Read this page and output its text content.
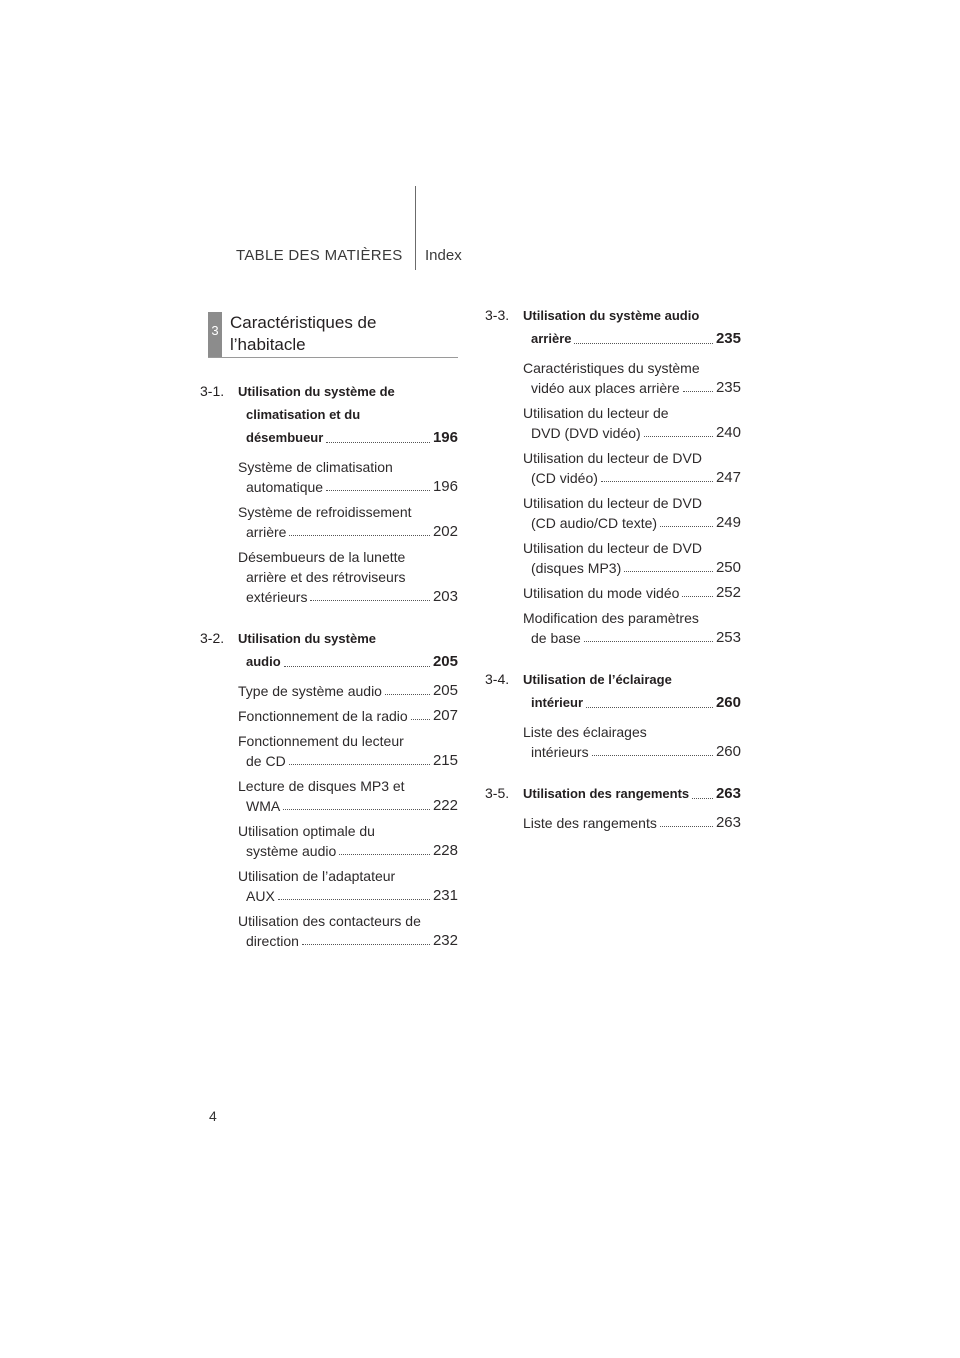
TABLE DES MATIÈRES Index
3 Caractéristiques de
l’habitacle
3-1. Utilisation du système de
climatisation et du
désembueur	196
Système de climatisation
automatique	196
Système de refroidissement
arrière	202
Désembueurs de la lunette
arrière et des rétroviseurs
extérieurs	203
3-2. Utilisation du système
audio	205
Type de système audio	205
Fonctionnement de la radio 207
Fonctionnement du lecteur
de CD	215
Lecture de disques MP3 et
WMA	222
Utilisation optimale du
système audio	228
Utilisation de l’adaptateur
AUX	231
Utilisation des contacteurs de
direction	232
3-3. Utilisation du système audio
arrière	235
Caractéristiques du système
vidéo aux places arrière 235
Utilisation du lecteur de
DVD (DVD vidéo)	240
Utilisation du lecteur de DVD
(CD vidéo)	247
Utilisation du lecteur de DVD
(CD audio/CD texte)	249
Utilisation du lecteur de DVD
(disques MP3)	250
Utilisation du mode vidéo 252
Modification des paramètres
de base	253
3-4. Utilisation de l’éclairage
intérieur	260
Liste des éclairages
intérieurs	260
3-5. Utilisation des rangements 263
Liste des rangements	263
4
